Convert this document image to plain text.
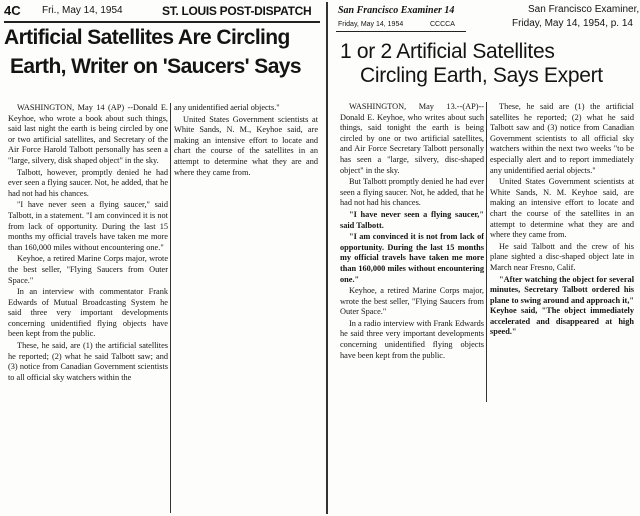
4C Fri., May 14, 1954	ST. LOUIS POST-DISPATCH
Artificial Satellites Are Circling
Earth, Writer on 'Saucers' Says

WASHINGTON, May 14 (AP) --Donald E. Keyhoe, who wrote a book about such things, said last night the earth is being circled by one or two artificial satellites, and Secretary of the Air Force Harold Talbott personally has seen a "large, silvery, disk shaped object" in the sky.

Talbott, however, promptly denied he had ever seen a flying saucer. Not, he added, that he had not had his chances.

"I have never seen a flying saucer," said Talbott, in a statement. "I am convinced it is not from lack of opportunity. During the last 15 months my official travels have taken me more than 160,000 miles without encountering one."

Keyhoe, a retired Marine Corps major, wrote the best seller, "Flying Saucers from Outer Space."

In an interview with commentator Frank Edwards of Mutual Broadcasting System he said three very important developments concerning unidentified flying objects have been kept from the public.

These, he said, are (1) the artificial satellites he reported; (2) what he said Talbott saw; and (3) notice from Canadian Government scientists to all official sky watchers within the

any unidentified aerial objects."

United States Government scientists at White Sands, N. M., Keyhoe said, are making an intensive effort to locate and chart the course of the satellites in an attempt to determine what they are and where they came from.

San Francisco Examiner 14
Friday, May 14, 1954	CCCCA
San Francisco Examiner,
Friday, May 14, 1954, p. 14
1 or 2 Artificial Satellites
Circling Earth, Says Expert

WASHINGTON, May 13.--(AP)--Donald E. Keyhoe, who writes about such things, said tonight the earth is being circled by one or two artificial satellites, and Air Force Secretary Talbott personally has seen a "large, silvery, disc-shaped object" in the sky.

But Talbott promptly denied he had ever seen a flying saucer. Not, he added, that he had not had his chances.

"I have never seen a flying saucer," said Talbott.

"I am convinced it is not from lack of opportunity. During the last 15 months my official travels have taken me more than 160,000 miles without encountering one."

Keyhoe, a retired Marine Corps major, wrote the best seller, "Flying Saucers from Outer Space."

In a radio interview with Frank Edwards he said three very important developments concerning unidentified flying objects have been kept from the public.

These, he said are (1) the artificial satellites he reported; (2) what he said Talbott saw and (3) notice from Canadian Government scientists to all official sky watchers within the next two weeks "to be especially alert and to report immediately any unidentified aerial objects."

United States Government scientists at White Sands, N. M. Keyhoe said, are making an intensive effort to locate and chart the course of the satellites in an attempt to determine what they are and where they came from.

He said Talbott and the crew of his plane sighted a disc-shaped object late in March near Fresno, Calif.

"After watching the object for several minutes, Secretary Talbott ordered his plane to swing around and approach it," Keyhoe said, "The object immediately accelerated and disappeared at high speed."
